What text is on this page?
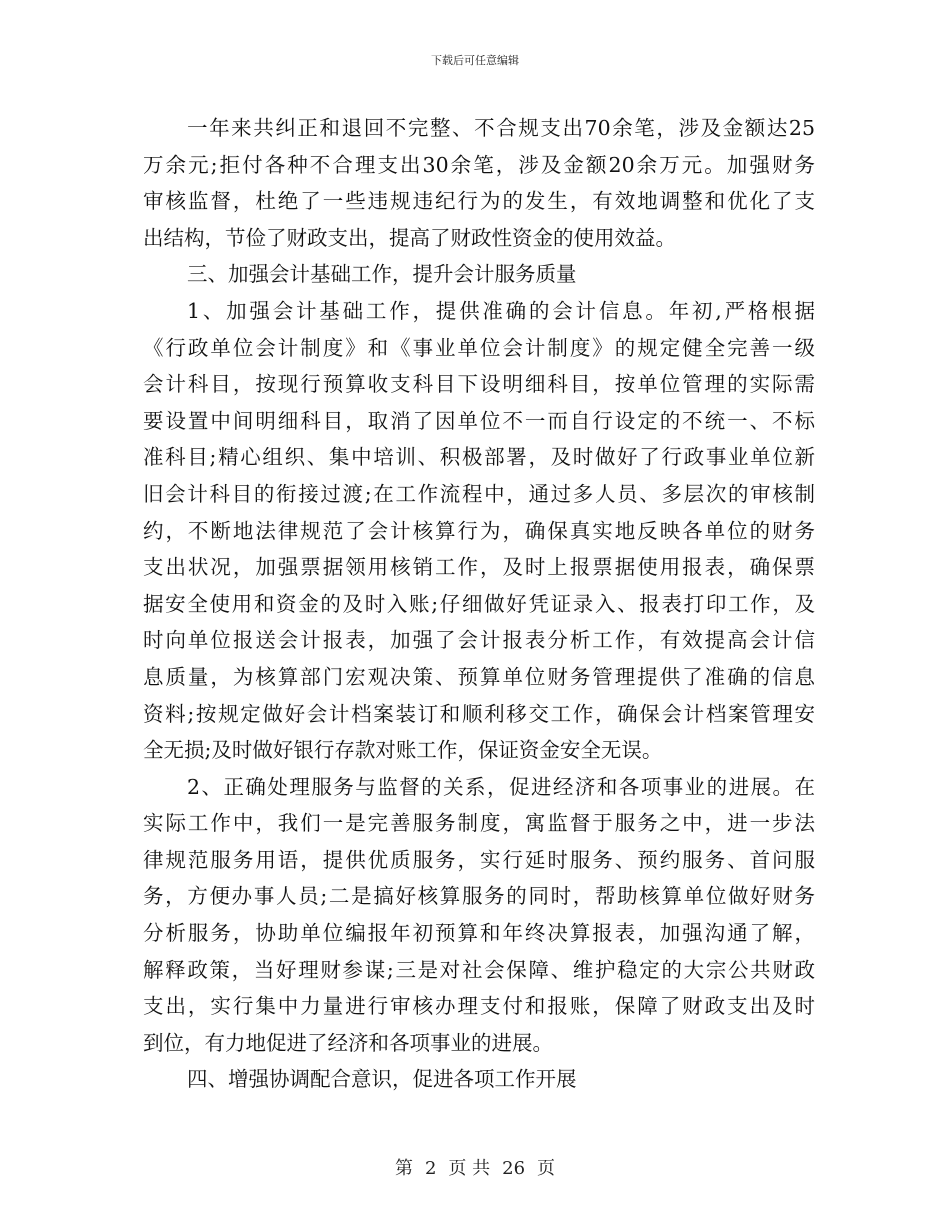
下载后可任意编辑
一年来共纠正和退回不完整、不合规支出70余笔，涉及金额达25
万余元;拒付各种不合理支出30余笔，涉及金额20余万元。加强财务
审核监督，杜绝了一些违规违纪行为的发生，有效地调整和优化了支
出结构，节俭了财政支出，提高了财政性资金的使用效益。
三、加强会计基础工作，提升会计服务质量
1、加强会计基础工作，提供准确的会计信息。年初,严格根据
《行政单位会计制度》和《事业单位会计制度》的规定健全完善一级
会计科目，按现行预算收支科目下设明细科目，按单位管理的实际需
要设置中间明细科目，取消了因单位不一而自行设定的不统一、不标
准科目;精心组织、集中培训、积极部署，及时做好了行政事业单位新
旧会计科目的衔接过渡;在工作流程中，通过多人员、多层次的审核制
约，不断地法律规范了会计核算行为，确保真实地反映各单位的财务
支出状况，加强票据领用核销工作，及时上报票据使用报表，确保票
据安全使用和资金的及时入账;仔细做好凭证录入、报表打印工作，及
时向单位报送会计报表，加强了会计报表分析工作，有效提高会计信
息质量，为核算部门宏观决策、预算单位财务管理提供了准确的信息
资料;按规定做好会计档案装订和顺利移交工作，确保会计档案管理安
全无损;及时做好银行存款对账工作，保证资金安全无误。
2、正确处理服务与监督的关系，促进经济和各项事业的进展。在
实际工作中，我们一是完善服务制度，寓监督于服务之中，进一步法
律规范服务用语，提供优质服务，实行延时服务、预约服务、首问服
务，方便办事人员;二是搞好核算服务的同时，帮助核算单位做好财务
分析服务，协助单位编报年初预算和年终决算报表，加强沟通了解，
解释政策，当好理财参谋;三是对社会保障、维护稳定的大宗公共财政
支出，实行集中力量进行审核办理支付和报账，保障了财政支出及时
到位，有力地促进了经济和各项事业的进展。
四、增强协调配合意识，促进各项工作开展
第 2 页 共 26 页
